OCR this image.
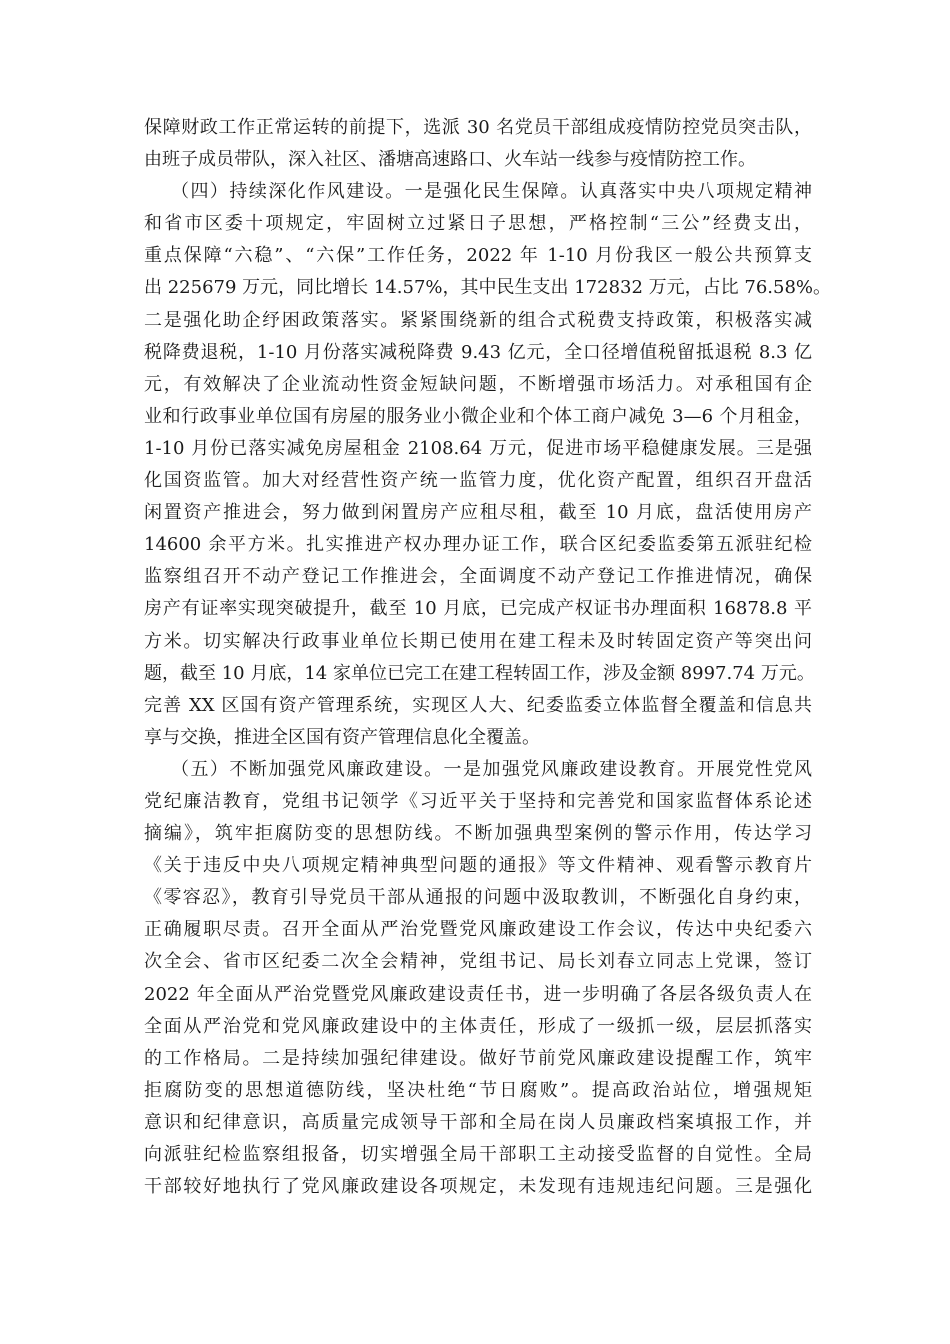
保障财政工作正常运转的前提下，选派 30 名党员干部组成疫情防控党员突击队，
由班子成员带队，深入社区、潘塘高速路口、火车站一线参与疫情防控工作。
（四）持续深化作风建设。一是强化民生保障。认真落实中央八项规定精神
和省市区委十项规定，牢固树立过紧日子思想，严格控制“三公”经费支出，
重点保障“六稳”、“六保”工作任务，2022 年 1-10 月份我区一般公共预算支
出 225679 万元，同比增长 14.57%，其中民生支出 172832 万元，占比 76.58%。
二是强化助企纾困政策落实。紧紧围绕新的组合式税费支持政策，积极落实减
税降费退税，1-10 月份落实减税降费 9.43 亿元，全口径增值税留抵退税 8.3 亿
元，有效解决了企业流动性资金短缺问题，不断增强市场活力。对承租国有企
业和行政事业单位国有房屋的服务业小微企业和个体工商户减免 3—6 个月租金，
1-10 月份已落实减免房屋租金 2108.64 万元，促进市场平稳健康发展。三是强
化国资监管。加大对经营性资产统一监管力度，优化资产配置，组织召开盘活
闲置资产推进会，努力做到闲置房产应租尽租，截至 10 月底，盘活使用房产
14600 余平方米。扎实推进产权办理办证工作，联合区纪委监委第五派驻纪检
监察组召开不动产登记工作推进会，全面调度不动产登记工作推进情况，确保
房产有证率实现突破提升，截至 10 月底，已完成产权证书办理面积 16878.8 平
方米。切实解决行政事业单位长期已使用在建工程未及时转固定资产等突出问
题，截至 10 月底，14 家单位已完工在建工程转固工作，涉及金额 8997.74 万元。
完善 XX 区国有资产管理系统，实现区人大、纪委监委立体监督全覆盖和信息共
享与交换，推进全区国有资产管理信息化全覆盖。
（五）不断加强党风廉政建设。一是加强党风廉政建设教育。开展党性党风
党纪廉洁教育，党组书记领学《习近平关于坚持和完善党和国家监督体系论述
摘编》，筑牢拒腐防变的思想防线。不断加强典型案例的警示作用，传达学习
《关于违反中央八项规定精神典型问题的通报》等文件精神、观看警示教育片
《零容忍》，教育引导党员干部从通报的问题中汲取教训，不断强化自身约束，
正确履职尽责。召开全面从严治党暨党风廉政建设工作会议，传达中央纪委六
次全会、省市区纪委二次全会精神，党组书记、局长刘春立同志上党课，签订
2022 年全面从严治党暨党风廉政建设责任书，进一步明确了各层各级负责人在
全面从严治党和党风廉政建设中的主体责任，形成了一级抓一级，层层抓落实
的工作格局。二是持续加强纪律建设。做好节前党风廉政建设提醒工作，筑牢
拒腐防变的思想道德防线，坚决杜绝“节日腐败”。提高政治站位，增强规矩
意识和纪律意识，高质量完成领导干部和全局在岗人员廉政档案填报工作，并
向派驻纪检监察组报备，切实增强全局干部职工主动接受监督的自觉性。全局
干部较好地执行了党风廉政建设各项规定，未发现有违规违纪问题。三是强化
